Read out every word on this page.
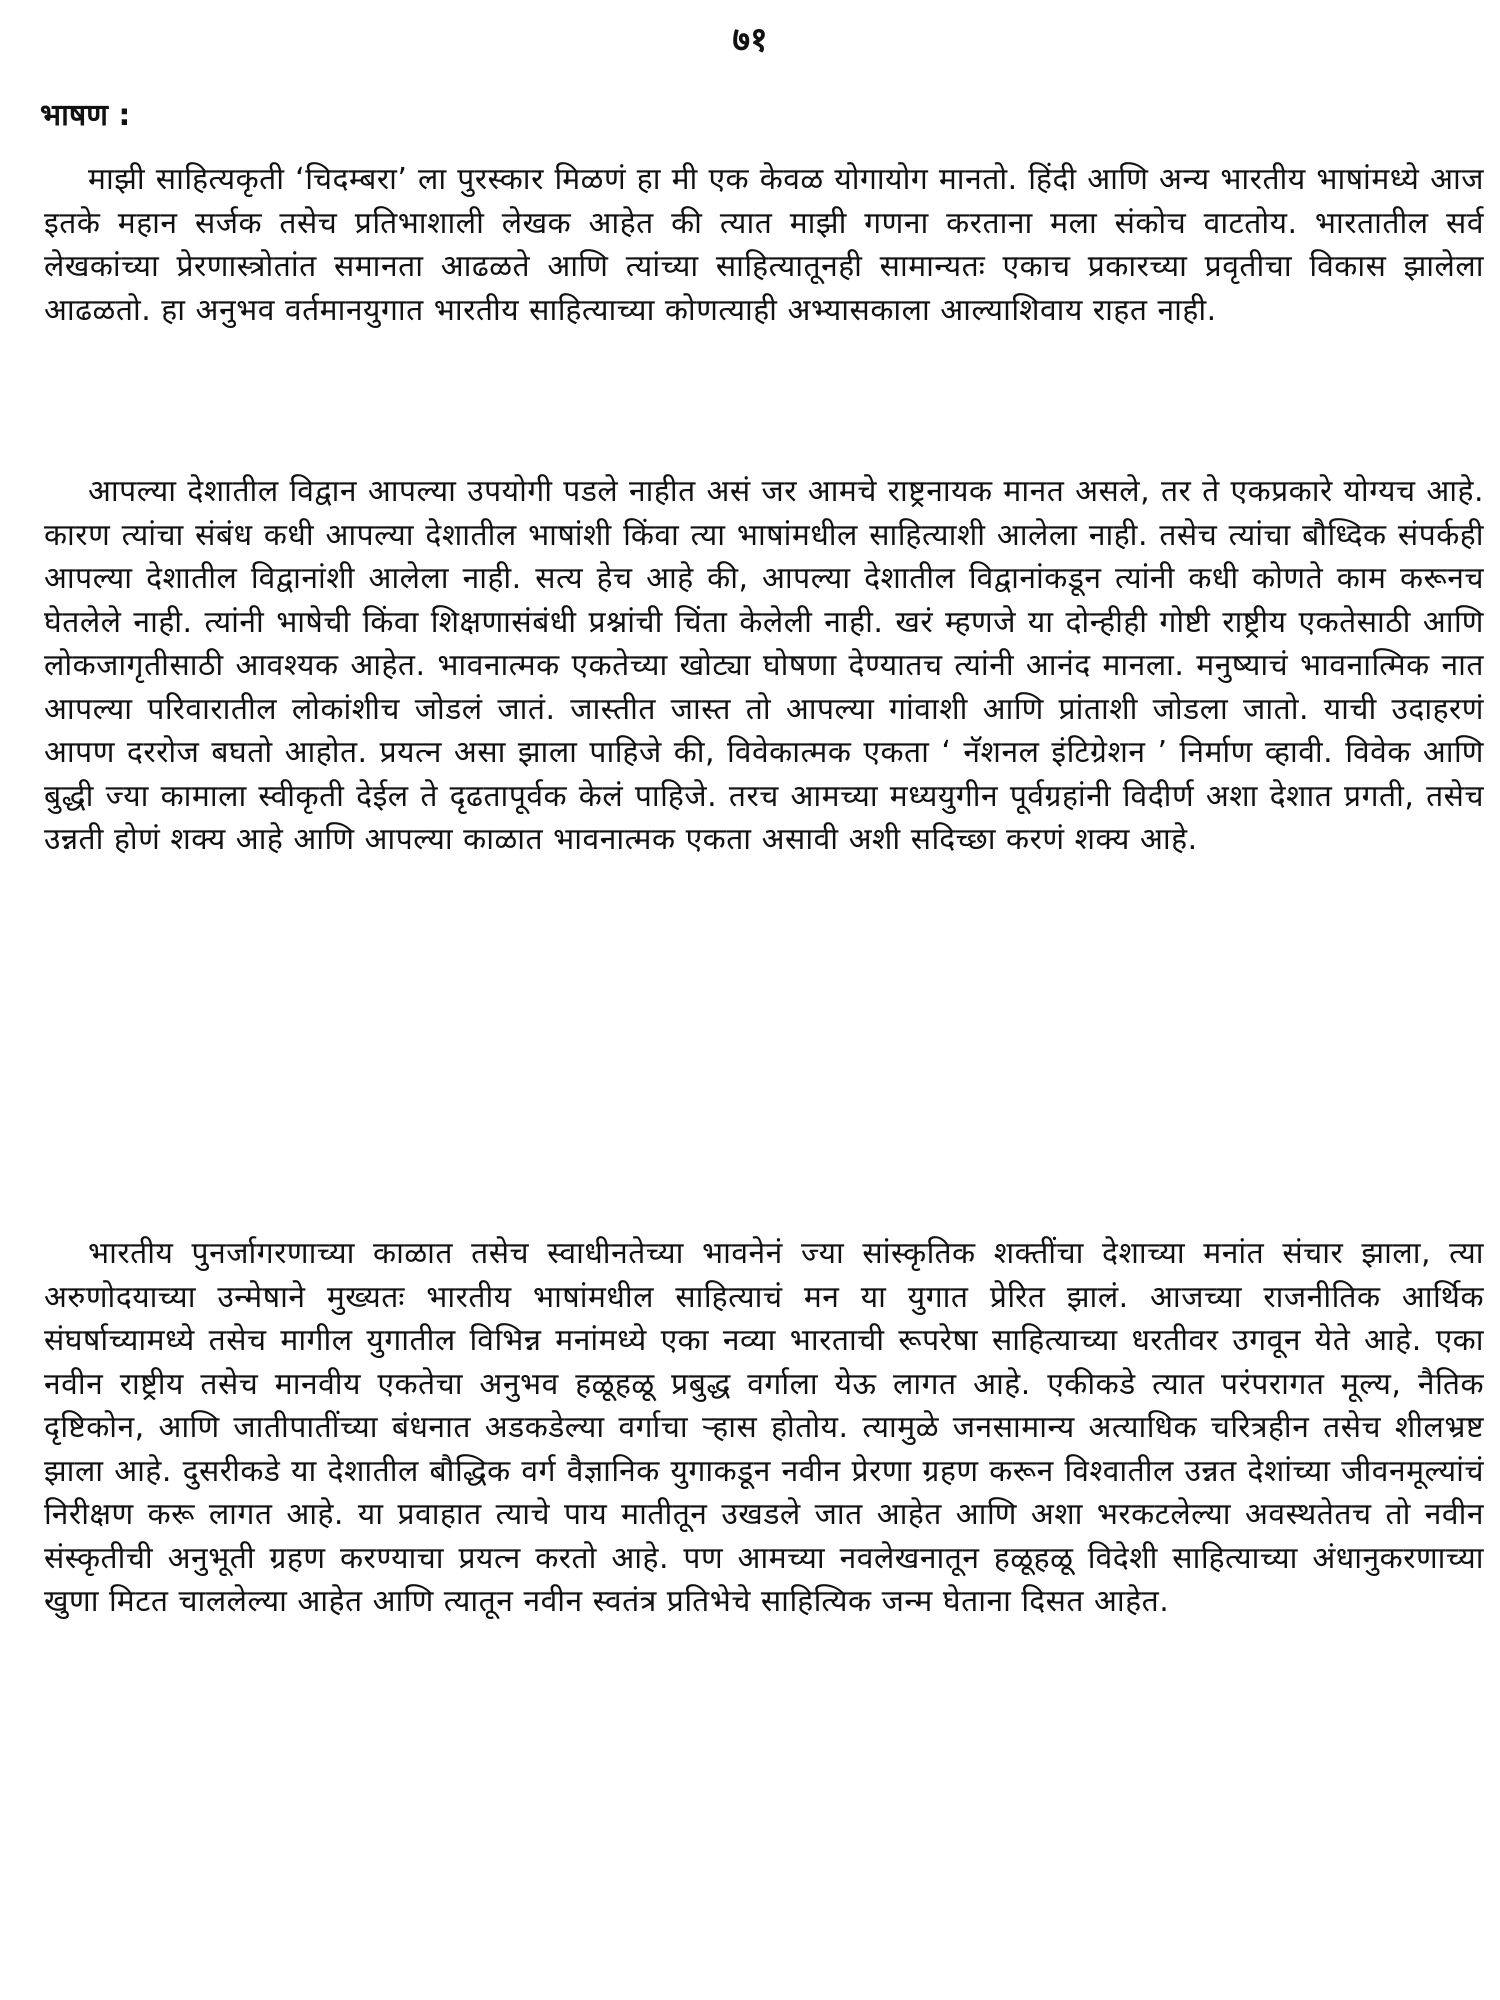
७१
भाषण :

माझी साहित्यकृती ‘चिदम्बरा’ ला पुरस्कार मिळणं हा मी एक केवळ योगायोग मानतो. हिंदी आणि अन्य भारतीय भाषांमध्ये आज इतके महान सर्जक तसेच प्रतिभाशाली लेखक आहेत की त्यात माझी गणना करताना मला संकोच वाटतोय. भारतातील सर्व लेखकांच्या प्रेरणास्त्रोतांत समानता आढळते आणि त्यांच्या साहित्यातूनही सामान्यतः एकाच प्रकारच्या प्रवृतीचा विकास झालेला आढळतो. हा अनुभव वर्तमानयुगात भारतीय साहित्याच्या कोणत्याही अभ्यासकाला आल्याशिवाय राहत नाही.

आपल्या देशातील विद्वान आपल्या उपयोगी पडले नाहीत असं जर आमचे राष्ट्रनायक मानत असले, तर ते एकप्रकारे योग्यच आहे. कारण त्यांचा संबंध कधी आपल्या देशातील भाषांशी किंवा त्या भाषांमधील साहित्याशी आलेला नाही. तसेच त्यांचा बौध्दिक संपर्कही आपल्या देशातील विद्वानांशी आलेला नाही. सत्य हेच आहे की, आपल्या देशातील विद्वानांकडून त्यांनी कधी कोणते काम करूनच घेतलेले नाही. त्यांनी भाषेची किंवा शिक्षणासंबंधी प्रश्नांची चिंता केलेली नाही. खरं म्हणजे या दोन्हीही गोष्टी राष्ट्रीय एकतेसाठी आणि लोकजागृतीसाठी आवश्यक आहेत. भावनात्मक एकतेच्या खोट्या घोषणा देण्यातच त्यांनी आनंद मानला. मनुष्याचं भावनात्मिक नात आपल्या परिवारातील लोकांशीच जोडलं जातं. जास्तीत जास्त तो आपल्या गांवाशी आणि प्रांताशी जोडला जातो. याची उदाहरणं आपण दररोज बघतो आहोत. प्रयत्न असा झाला पाहिजे की, विवेकात्मक एकता ‘ नॅशनल इंटिग्रेशन ’ निर्माण व्हावी. विवेक आणि बुद्धी ज्या कामाला स्वीकृती देईल ते दृढतापूर्वक केलं पाहिजे. तरच आमच्या मध्ययुगीन पूर्वग्रहांनी विदीर्ण अशा देशात प्रगती, तसेच उन्नती होणं शक्य आहे आणि आपल्या काळात भावनात्मक एकता असावी अशी सदिच्छा करणं शक्य आहे.

भारतीय पुनर्जागरणाच्या काळात तसेच स्वाधीनतेच्या भावनेनं ज्या सांस्कृतिक शक्तींचा देशाच्या मनांत संचार झाला, त्या अरुणोदयाच्या उन्मेषाने मुख्यतः भारतीय भाषांमधील साहित्याचं मन या युगात प्रेरित झालं. आजच्या राजनीतिक आर्थिक संघर्षाच्यामध्ये तसेच मागील युगातील विभिन्न मनांमध्ये एका नव्या भारताची रूपरेषा साहित्याच्या धरतीवर उगवून येते आहे. एका नवीन राष्ट्रीय तसेच मानवीय एकतेचा अनुभव हळूहळू प्रबुद्ध वर्गाला येऊ लागत आहे. एकीकडे त्यात परंपरागत मूल्य, नैतिक दृष्टिकोन, आणि जातीपातींच्या बंधनात अडकडेल्या वर्गाचा ऱ्हास होतोय. त्यामुळे जनसामान्य अत्याधिक चरित्रहीन तसेच शीलभ्रष्ट झाला आहे. दुसरीकडे या देशातील बौद्धिक वर्ग वैज्ञानिक युगाकडून नवीन प्रेरणा ग्रहण करून विश्वातील उन्नत देशांच्या जीवनमूल्यांचं निरीक्षण करू लागत आहे. या प्रवाहात त्याचे पाय मातीतून उखडले जात आहेत आणि अशा भरकटलेल्या अवस्थतेतच तो नवीन संस्कृतीची अनुभूती ग्रहण करण्याचा प्रयत्न करतो आहे. पण आमच्या नवलेखनातून हळूहळू विदेशी साहित्याच्या अंधानुकरणाच्या खुणा मिटत चाललेल्या आहेत आणि त्यातून नवीन स्वतंत्र प्रतिभेचे साहित्यिक जन्म घेताना दिसत आहेत.
